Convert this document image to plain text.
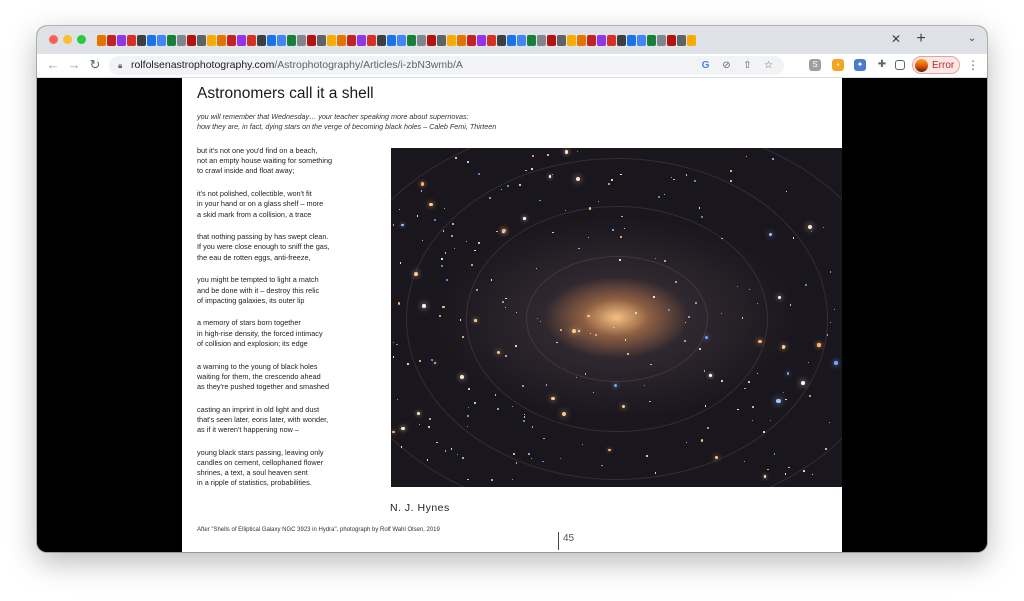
✕ +	⌄
← → ↻	🔒︎ rolfolsenastrophotography.com/Astrophotography/Articles/i-zbN3wmb/A	G ⊘ ⇧ ☆	S	▪	✦ ✚	Error ⋮
Astronomers call it a shell
you will remember that Wednesday… your teacher speaking more about supernovas:
how they are, in fact, dying stars on the verge of becoming black holes – Caleb Femi, Thirteen
but it's not one you'd find on a beach,
not an empty house waiting for something
to crawl inside and float away;
it's not polished, collectible, won't fit
in your hand or on a glass shelf – more
a skid mark from a collision, a trace
that nothing passing by has swept clean.
If you were close enough to sniff the gas,
the eau de rotten eggs, anti-freeze,
you might be tempted to light a match
and be done with it – destroy this relic
of impacting galaxies, its outer lip
a memory of stars born together
in high-rise density, the forced intimacy
of collision and explosion; its edge
a warning to the young of black holes
waiting for them, the crescendo ahead
as they're pushed together and smashed
casting an imprint in old light and dust
that's seen later, eons later, with wonder,
as if it weren't happening now –
young black stars passing, leaving only
candles on cement, cellophaned flower
shrines, a text, a soul heaven sent
in a ripple of statistics, probabilities.
N. J. Hynes
After "Shells of Elliptical Galaxy NGC 3923 in Hydra", photograph by Rolf Wahl Olsen, 2019
45
